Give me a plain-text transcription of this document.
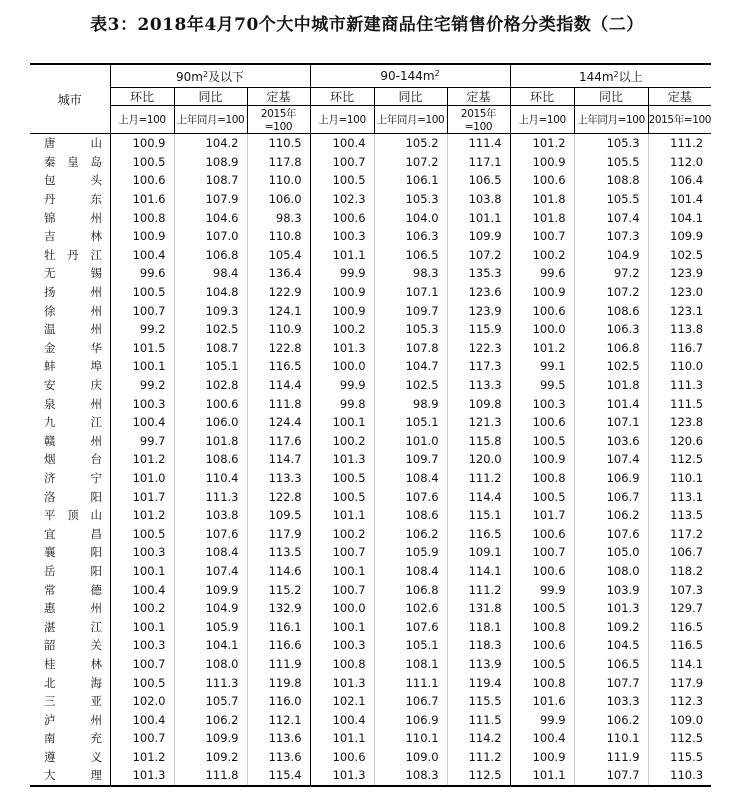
表3：2018年4月70个大中城市新建商品住宅销售价格分类指数（二）
城市	$90m^2$及以下			$90-144m^2$			$144m^2$以上		
	环比	同比	定基	环比	同比	定基	环比	同比	定基
	上月=100	上年同月=100	2015年=100	上月=100	上年同月=100	2015年=100	上月=100	上年同月=100	2015年=100
唐山	100.9	104.2	110.5	100.4	105.2	111.4	101.2	105.3	111.2
秦皇岛	100.5	108.9	117.8	100.7	107.2	117.1	100.9	105.5	112.0
包头	100.6	108.7	110.0	100.5	106.1	106.5	100.6	108.8	106.4
丹东	101.6	107.9	106.0	102.3	105.3	103.8	101.8	105.5	101.4
锦州	100.8	104.6	98.3	100.6	104.0	101.1	101.8	107.4	104.1
吉林	100.9	107.0	110.8	100.3	106.3	109.9	100.7	107.3	109.9
牡丹江	100.4	106.8	105.4	101.1	106.5	107.2	100.2	104.9	102.5
无锡	99.6	98.4	136.4	99.9	98.3	135.3	99.6	97.2	123.9
扬州	100.5	104.8	122.9	100.9	107.1	123.6	100.9	107.2	123.0
徐州	100.7	109.3	124.1	100.9	109.7	123.9	100.6	108.6	123.1
温州	99.2	102.5	110.9	100.2	105.3	115.9	100.0	106.3	113.8
金华	101.5	108.7	122.8	101.3	107.8	122.3	101.2	106.8	116.7
蚌埠	100.1	105.1	116.5	100.0	104.7	117.3	99.1	102.5	110.0
安庆	99.2	102.8	114.4	99.9	102.5	113.3	99.5	101.8	111.3
泉州	100.3	100.6	111.8	99.8	98.9	109.8	100.3	101.4	111.5
九江	100.4	106.0	124.4	100.1	105.1	121.3	100.6	107.1	123.8
赣州	99.7	101.8	117.6	100.2	101.0	115.8	100.5	103.6	120.6
烟台	101.2	108.6	114.7	101.3	109.7	120.0	100.9	107.4	112.5
济宁	101.0	110.4	113.3	100.5	108.4	111.2	100.8	106.9	110.1
洛阳	101.7	111.3	122.8	100.5	107.6	114.4	100.5	106.7	113.1
平顶山	101.2	103.8	109.5	101.1	108.6	115.1	101.7	106.2	113.5
宜昌	100.5	107.6	117.9	100.2	106.2	116.5	100.6	107.6	117.2
襄阳	100.3	108.4	113.5	100.7	105.9	109.1	100.7	105.0	106.7
岳阳	100.1	107.4	114.6	100.1	108.4	114.1	100.6	108.0	118.2
常德	100.4	109.9	115.2	100.7	106.8	111.2	99.9	103.9	107.3
惠州	100.2	104.9	132.9	100.0	102.6	131.8	100.5	101.3	129.7
湛江	100.1	105.9	116.1	100.1	107.6	118.1	100.8	109.2	116.5
韶关	100.3	104.1	116.6	100.3	105.1	118.3	100.6	104.5	116.5
桂林	100.7	108.0	111.9	100.8	108.1	113.9	100.5	106.5	114.1
北海	100.5	111.3	119.8	101.3	111.1	119.4	100.8	107.7	117.9
三亚	102.0	105.7	116.0	102.1	106.7	115.5	101.6	103.3	112.3
泸州	100.4	106.2	112.1	100.4	106.9	111.5	99.9	106.2	109.0
南充	100.7	109.9	113.6	101.1	110.1	114.2	100.4	110.1	112.5
遵义	101.2	109.2	113.6	100.6	109.0	111.2	100.9	111.9	115.5
大理	101.3	111.8	115.4	101.3	108.3	112.5	101.1	107.7	110.3
